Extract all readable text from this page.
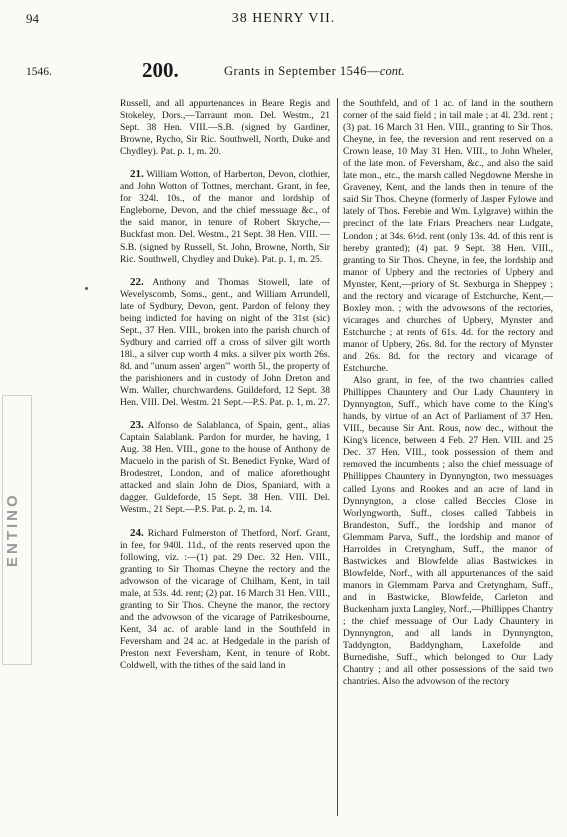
94	38 HENRY VII.
1546.	200.	Grants in September 1546—cont.
ENTINO

Russell, and all appurtenances in Beare Regis and Stokeley, Dors.,—Tarraunt mon. Del. Westm., 21 Sept. 38 Hen. VIII.—S.B. (signed by Gardiner, Browne, Rycho, Sir Ric. Southwell, North, Duke and Chydley). Pat. p. 1, m. 20.

21. William Wotton, of Harberton, Devon, clothier, and John Wotton of Tottnes, merchant. Grant, in fee, for 324l. 10s., of the manor and lordship of Engleborne, Devon, and the chief messuage &c., of the said manor, in tenure of Robert Skryche,—Buckfast mon. Del. Westm., 21 Sept. 38 Hen. VIII. — S.B. (signed by Russell, St. John, Browne, North, Sir Ric. Southwell, Chydley and Duke). Pat. p. 1, m. 25.

22. Anthony and Thomas Stowell, late of Wevelyscomb, Soms., gent., and William Arrundell, late of Sydbury, Devon, gent. Pardon of felony they being indicted for having on night of the 31st (sic) Sept., 37 Hen. VIII., broken into the parish church of Sydbury and carried off a cross of silver gilt worth 18l., a silver cup worth 4 mks. a silver pix worth 26s. 8d. and "unum assen' argen'" worth 5l., the property of the parishioners and in custody of John Dreton and Wm. Waller, churchwardens. Guildeford, 12 Sept. 38 Hen. VIII. Del. Westm. 21 Sept.—P.S. Pat. p. 1, m. 27.

23. Alfonso de Salablanca, of Spain, gent., alias Captain Salablank. Pardon for murder, he having, 1 Aug. 38 Hen. VIII., gone to the house of Anthony de Macuelo in the parish of St. Benedict Fynke, Ward of Brodestret, London, and of malice aforethought attacked and slain John de Dios, Spaniard, with a dagger. Guldeforde, 15 Sept. 38 Hen. VIII. Del. Westm., 21 Sept.—P.S. Pat. p. 2, m. 14.

24. Richard Fulmerston of Thetford, Norf. Grant, in fee, for 940l. 11d., of the rents reserved upon the following, viz. :—(1) pat. 29 Dec. 32 Hen. VIII., granting to Sir Thomas Cheyne the rectory and the advowson of the vicarage of Chilham, Kent, in tail male, at 53s. 4d. rent; (2) pat. 16 March 31 Hen. VIII., granting to Sir Thos. Cheyne the manor, the rectory and the advowson of the vicarage of Patrikesbourne, Kent, 34 ac. of arable land in the Southfeld in Feversham and 24 ac. at Hedgedale in the parish of Preston next Feversham, Kent, in tenure of Robt. Coldwell, with the tithes of the said land in

the Southfeld, and of 1 ac. of land in the southern corner of the said field ; in tail male ; at 4l. 23d. rent ; (3) pat. 16 March 31 Hen. VIII., granting to Sir Thos. Cheyne, in fee, the reversion and rent reserved on a Crown lease, 10 May 31 Hen. VIII., to John Wheler, of the late mon. of Feversham, &c., and also the said late mon., etc., the marsh called Negdowne Mershe in Graveney, Kent, and the lands then in tenure of the said Sir Thos. Cheyne (formerly of Jasper Fylowe and lately of Thos. Ferebie and Wm. Lylgrave) within the precinct of the late Friars Preachers near Ludgate, London ; at 34s. 6½d. rent (only 13s. 4d. of this rent is hereby granted); (4) pat. 9 Sept. 38 Hen. VIII., granting to Sir Thos. Cheyne, in fee, the lordship and manor of Upbery and the rectories of Upbery and Mynster, Kent,—priory of St. Sexburga in Sheppey ; and the rectory and vicarage of Estchurche, Kent,—Boxley mon. ; with the advowsons of the rectories, vicarages and churches of Upbery, Mynster and Estchurche ; at rents of 61s. 4d. for the rectory and manor of Upbery, 26s. 8d. for the rectory of Mynster and 26s. 8d. for the rectory and vicarage of Estchurche.

Also grant, in fee, of the two chantries called Phillippes Chauntery and Our Lady Chauntery in Dynnyngton, Suff., which have come to the King's hands, by virtue of an Act of Parliament of 37 Hen. VIII., because Sir Ant. Rous, now dec., without the King's licence, between 4 Feb. 27 Hen. VIII. and 25 Dec. 37 Hen. VIII., took possession of them and removed the incumbents ; also the chief messuage of Phillippes Chauntery in Dynnyngton, two messuages called Lyons and Rookes and an acre of land in Dynnyngton, a close called Beccles Close in Worlyngworth, Suff., closes called Tabbeis in Brandeston, Suff., the lordship and manor of Glemmam Parva, Suff., the lordship and manor of Harroldes in Cretyngham, Suff., the manor of Bastwickes and Blowfelde alias Bastwickes in Blowfelde, Norf., with all appurtenances of the said manors in Glemmam Parva and Cretyngham, Suff., and in Bastwicke, Blowfelde, Carleton and Buckenham juxta Langley, Norf.,—Phillippes Chantry ; the chief messuage of Our Lady Chauntery in Dynnyngton, and all lands in Dynnyngton, Taddyngton, Baddyngham, Laxefolde and Burnedishe, Suff., which belonged to Our Lady Chantry ; and all other possessions of the said two chantries. Also the advowson of the rectory
